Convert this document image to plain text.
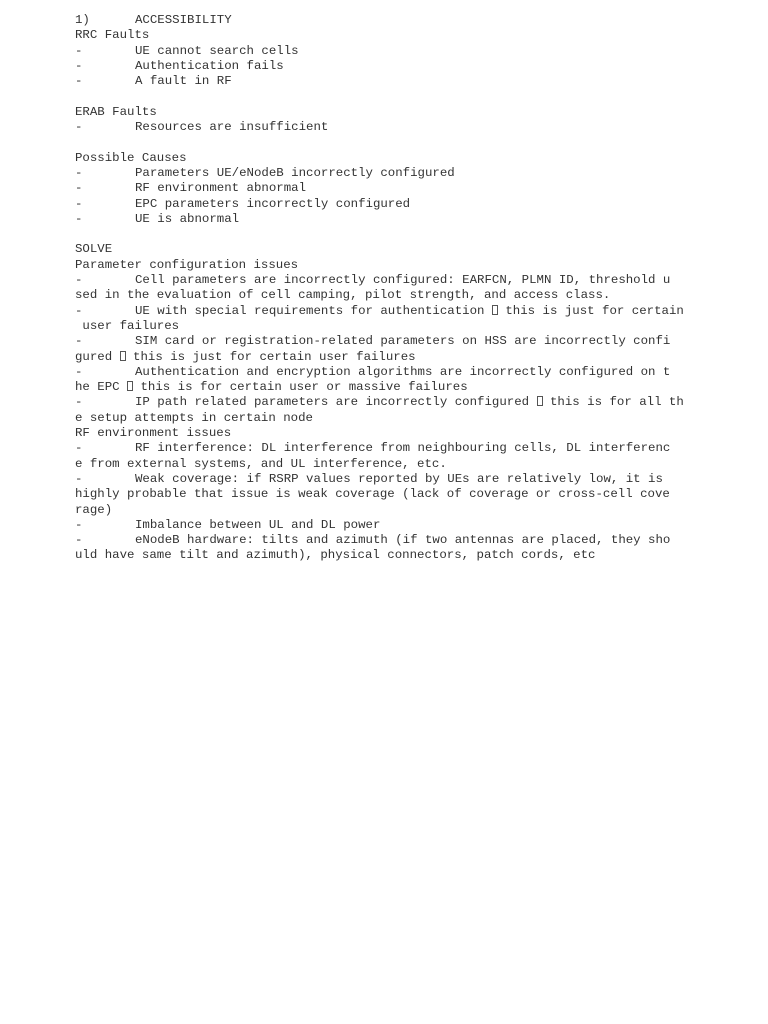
1)	ACCESSIBILITY
RRC Faults
-	UE cannot search cells
-	Authentication fails
-	A fault in RF
ERAB Faults
-	Resources are insufficient
Possible Causes
-	Parameters UE/eNodeB incorrectly configured
-	RF environment abnormal
-	EPC parameters incorrectly configured
-	UE is abnormal
SOLVE
Parameter configuration issues
-	Cell parameters are incorrectly configured: EARFCN, PLMN ID, threshold u
sed in the evaluation of cell camping, pilot strength, and access class.
-	UE with special requirements for authentication  this is just for certain
user failures
-	SIM card or registration-related parameters on HSS are incorrectly confi
gured  this is just for certain user failures
-	Authentication and encryption algorithms are incorrectly configured on t
he EPC  this is for certain user or massive failures
-	IP path related parameters are incorrectly configured  this is for all th
e setup attempts in certain node
RF environment issues
-	RF interference: DL interference from neighbouring cells, DL interferenc
e from external systems, and UL interference, etc.
-	Weak coverage: if RSRP values reported by UEs are relatively low, it is
highly probable that issue is weak coverage (lack of coverage or cross-cell cove
rage)
-	Imbalance between UL and DL power
-	eNodeB hardware: tilts and azimuth (if two antennas are placed, they sho
uld have same tilt and azimuth), physical connectors, patch cords, etc
